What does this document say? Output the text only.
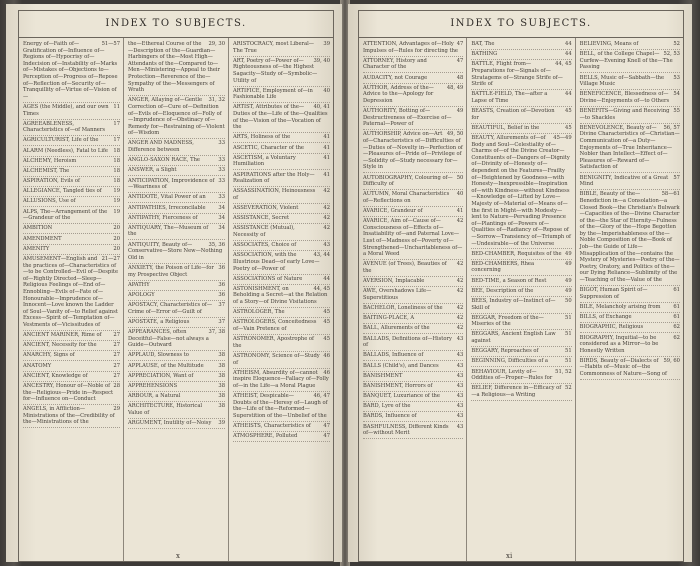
INDEX TO SUBJECTS.
51—57
Energy of—Faith of—Gratification of—Influence of—Regions of—Hypocrisy of—Indecision of—Instability of—Marks of—Mistakes of—Objections to—Perception of—Progress of—Repose of—Reflection of—Security of—Tranquillity of—Virtue of—Vision of—
11
AGES (the Middle), and our own Times
17
AGREEABLENESS, Characteristics of—of Manners
17
AGRICULTURIST, Life of the
18
ALARM (Needless), Fatal to Life
18
ALCHEMY, Heroism
18
ALCHEMIST, The
18
ASPIRATION, Evils of
19
ALLEGIANCE, Tangled ties of
19
ALLUSIONS, Use of
19
ALPS, The—Arrangement of the—Grandeur of the
20
AMBITION
20
AMENDMENT
20
AMENITY
21—27
AMUSEMENT—English and the practices of—Characteristics of—to be Controlled—Evil of—Despite of—Rightly Directed—Sleep—Religious Feelings of—End of—Ennobling—Evils of—Fate of—Honourable—Imprudence of—Innocent—Love known the Ladder of Soul—Vanity of—to Relief against Excess—Spirit of—Temptation of—Vestments of—Vicissitudes of
27
ANCIENT MARINER, Rime of
27
ANCIENT, Necessity for the
27
ANARCHY, Signs of
27
ANATOMY
27
ANCIENT, Knowledge of
28
ANCESTRY, Honour of—Noble of the—Religious—Pride in—Respect for—Influence on—Conduct
29
ANGELS, in Affliction—Ministrations of the—Credibility of the—Ministrations of the
29, 30
the—Ethereal Course of the—Description of the—Guardian—Harbingers of the—Most High—Attendants of the—Compared to—Men—Ministering—Appeal to their Protection—Reverence of the—Sympathy of the—Messengers of Wrath
31, 32
ANGER, Allaying of—Gentle Correction of—Cure of—Definition of—Evils of—Eloquence of—Folly of—Imprudence of—Obstinacy of—Remedy for—Restraining of—Violent of—Wisdom
33
ANGER AND MADNESS, Difference between
33
ANGLO-SAXON RACE, The
33
ANSWER, a Slight
33
ANTICIPATION, Improvidence of—Weariness of
33
ANTIDOTE, Vital Power of an
34
ANTIPATHIES, Irreconcilable
34
ANTIPATHY, Fierceness of
34
ANTIQUARY, The—Museum of the
35, 36
ANTIQUITY, Beauty of—Conservative—Store New—Nothing Old in
36
ANXIETY, the Poison of Life—for my Prospective Object
36
APATHY
36
APOLOGY
37
APOSTACY, Characteristics of—Crime of—Error of—Guilt of
37
APOSTATE, a Religious
37, 38
APPEARANCES, often Deceitful—False—not always a Guide—Outward
38
APPLAUD, Slowness to
38
APPLAUSE, of the Multitude
38
APPRECIATION, Want of
38
APPREHENSIONS
38
ARBOUR, a Natural
38
ARCHITECTURE, Historical Value of
39
ARGUMENT, Inutility of—Noisy
39
ARISTOCRACY, most Liberal—The True
39, 40
ART, Poetry of—Power of—Righteousness of—the Highest Sagacity—Study of—Symbolic—Utility of
40
ARTIFICE, Employment of—in Fashionable Life
40, 41
ARTIST, Attributes of the—Duties of the—Life of the—Qualities of the—Vision of the—Vocation of the
41
ARTS, Holiness of the
41
ASCETIC, Character of the
41
ASCETISM, a Voluntary Humiliation
41
ASPIRATIONS after the Holy—Realization of
42
ASSASSINATION, Heinousness of
42
ASSEVERATION, Violent
42
ASSISTANCE, Secret
42
ASSISTANCE (Mutual), Necessity of
43
ASSOCIATES, Choice of
43, 44
ASSOCIATION, with the Illustrious Dead—of early Love—Poetry of—Power of
44
ASSOCIATIONS of Nature
44, 45
ASTONISHMENT, on Beholding a Secret—at the Relation of a Story—of Divine Visitations
45
ASTROLOGER, The
45
ASTROLOGERS, Conceitedness of—Vain Pretence of
45
ASTRONOMER, Apostrophe of the
46
ASTRONOMY, Science of—Study of
46
ATHEISM, Absurdity of—cannot inspire Eloquence—Fallacy of—Folly of—in the Life—a Moral Plague
46, 47
ATHEIST, Despicable—Doubts of the—Heresy of—Laugh of the—Life of the—Reformed—Superstition of the—Unbelief of the
47
ATHEISTS, Characteristics of
47
ATMOSPHERE, Polluted
x
INDEX TO SUBJECTS.
47
ATTENTION, Advantages of—Holy Impulses of—Rules for directing the
47
ATTORNEY, History and Character of the
48
AUDACITY, not Courage
48, 49
AUTHOR, Address of the—Advice to the—Apology for Depression
49
AUTHORITY, Botting of—Destructiveness of—Exercise of—Paternal—Power of
49, 50
AUTHORSHIP, Advice on—Art of—Characteristics of—Difficulties of—Duties of—Novelty in—Perfection of—Pleasures of—Pride of—Privilege of—Solidity of—Study necessary for—Style in
50
AUTOBIOGRAPHY, Colouring of—Difficulty of
40
AUTUMN, Moral Characteristics of—Reflections on
41
AVARICE, Grandeur of
42
AVARICE, Aim of—Cause of—Consciousness of—Effects of—Insatiability of—and Paternal Love—Lust of—Madness of—Poverty of—Strengthened—Uncharitableness of—a Moral Weed
42
AVENUE (of Trees), Beauties of the
42
AVERSION, Implacable
42
AWE, Overshadows Life—Superstitious
42
BACHELOR, Loneliness of the
42
BAITING-PLACE, A
42
BALL, Allurements of the
43
BALLADS, Definitions of—History of
43
BALLADS, Influence of
43
BALLS (Child's), and Dances
43
BANISHMENT
43
BANISHMENT, Horrors of
43
BANQUET, Luxuriance of the
43
BARD, Lyre of the
43
BARDS, Influence of
43
BASHFULNESS, Different Kinds of—without Merit
44
BAT, The
44
BATHING
44, 45
BATTLE, Flight from—Preparations for—Signals of—Stratagems of—Strange Strife of—Strife of
44
BATTLE-FIELD, The—after a Lapse of Time
45
BEASTS, Creation of—Devotion for
45
BEAUTIFUL, Belief in the
45—49
BEAUTY, Allurements of—of Body and Soul—Celestiality of—Charms of—of the Divine Creator—Constituents of—Dangers of—Dignity of—Divinity of—Honesty of—dependent on the Features—Frailty of—Heightened by Goodness—with Honesty—Inexpressible—Inspiration of—with Kindness—without Kindness—Knowledge of—Lifted by Love—Majesty of—Material of—Means of—the first in Might—with Modesty—lent to Nature—Pervading Presence of—Plantings of—Powers of—Qualities of—Radiancy of—Repose of—Sorrow—Transiency of—Triumph of—Undesirable—of the Universe
49
BED-CHAMBER, Requisites of the
49
BED-CHAMBERS, Rhea concerning
49
BED-TIME, a Season of Rest
49
BEE, Description of the
50
BEES, Industry of—Instinct of—Skill of
51
BEGGAR, Freedom of the—Miseries of the
51
BEGGARS, Ancient English Law against
51
BEGGARY, Reproaches of
51
BEGINNING, Difficulties of a
51, 52
BEHAVIOUR, Levity of—Oddities of—Proper—Rules for
52
BELIEF, Difference in—Efficacy of—a Religious—a Writing
52
BELIEVING, Means of
52, 53
BELL, of the College Chapel—Curfew—Evening Knell of the—The Passing
53
BELLS, Music of—Sabbath—the Village Music
54
BENEFICENCE, Blessedness of—Divine—Enjoyments of—to Others
55
BENEFITS—Giving and Receiving—to Shackles
56, 57
BENEVOLENCE, Beauty of—Divine Characteristics of—Christian—Communication of—a Duty—Enjoyments of—True Inheritance—Nobler than Intellect—Effect of—Pleasures of—Reward of—Satisfaction of
57
BENIGNITY, Indicative of a Great Mind
58—61
BIBLE, Beauty of the—Benediction in—a Consolation—a Closed Book—the Christian's Bulwark—Capacities of the—Divine Character of the—the Star of Eternity—Fulness of the—Glory of the—Hope Begotten by the—Imperishableness of the—Noble Composition of the—Book of Job—the Guide of Life—Misapplication of the—contains the Mystery of Mysteries—Poetry of the—Poetry, Oratory, and Politics of the—our Dying Reliance—Sublimity of the—Teaching of the—Value of the
61
BIGOT, Human Spirit of—Suppression of
61
BILE, Melancholy arising from
61
BILLS, of Exchange
62
BIOGRAPHIC, Religious
62
BIOGRAPHY, Inquitial—to be considered as a Mirror—to be Honestly Written
59, 60
BIRDS, Beauty of—Dialects of—Habits of—Music of—the Commonness of Nature—Song of
xi
